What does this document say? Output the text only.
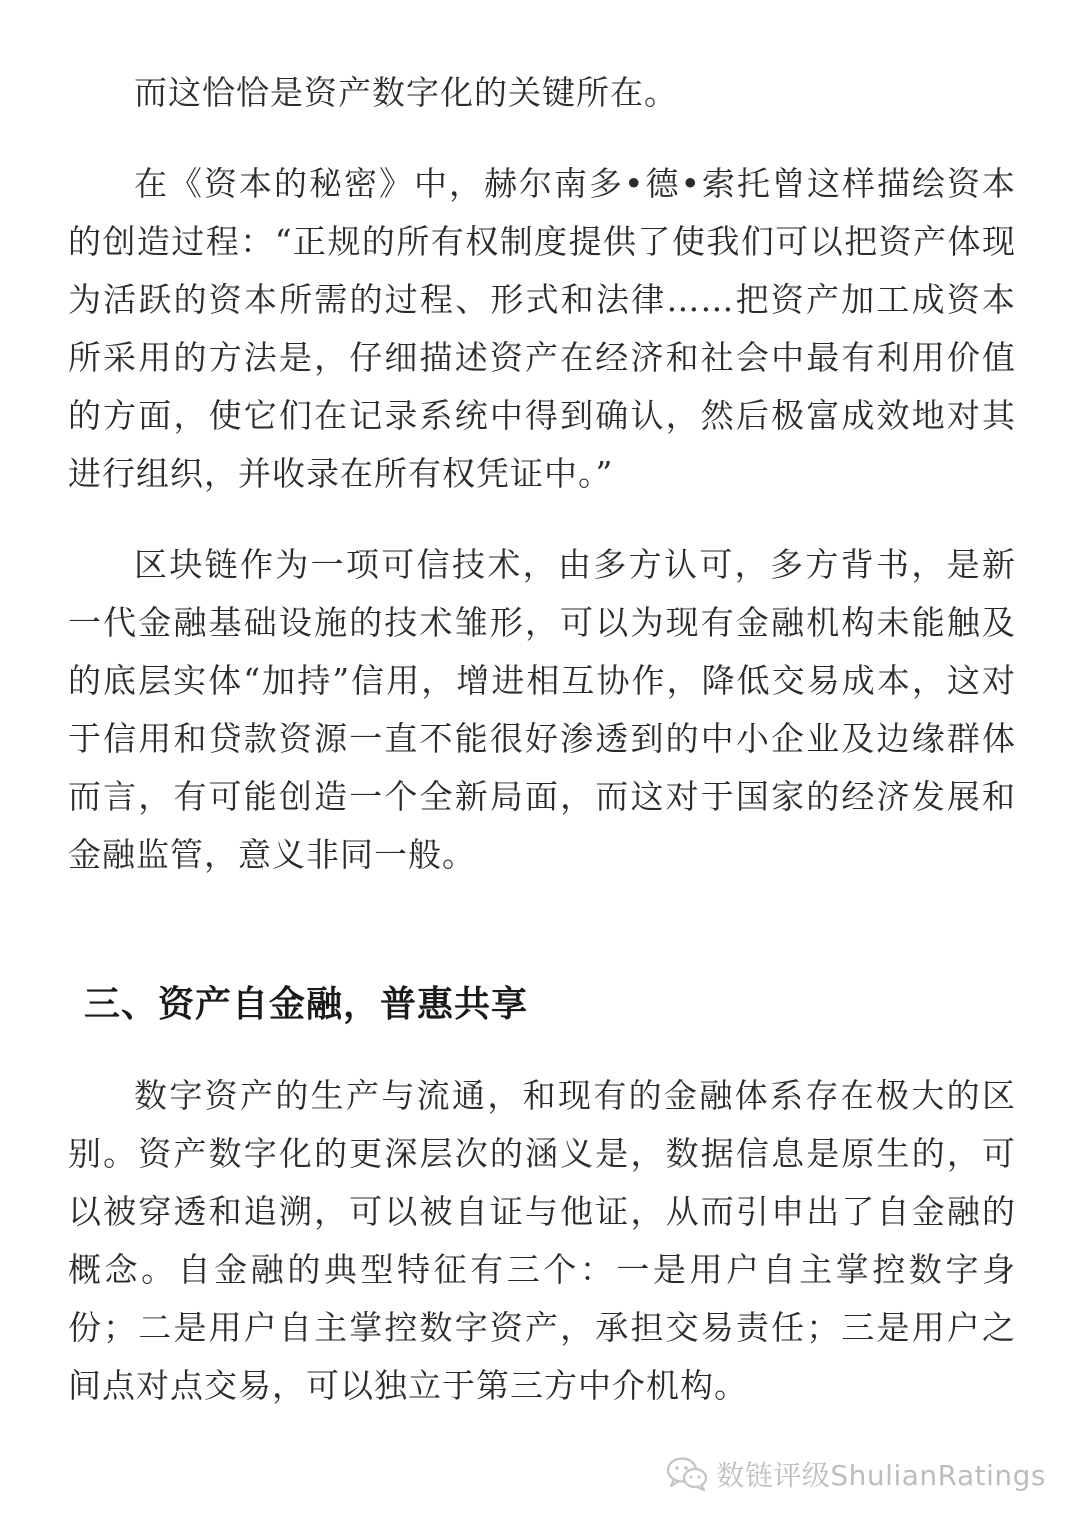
而这恰恰是资产数字化的关键所在。

在《资本的秘密》中，赫尔南多•德•索托曾这样描绘资本的创造过程：“正规的所有权制度提供了使我们可以把资产体现为活跃的资本所需的过程、形式和法律……把资产加工成资本所采用的方法是，仔细描述资产在经济和社会中最有利用价值的方面，使它们在记录系统中得到确认，然后极富成效地对其进行组织，并收录在所有权凭证中。”

区块链作为一项可信技术，由多方认可，多方背书，是新一代金融基础设施的技术雏形，可以为现有金融机构未能触及的底层实体“加持”信用，增进相互协作，降低交易成本，这对于信用和贷款资源一直不能很好渗透到的中小企业及边缘群体而言，有可能创造一个全新局面，而这对于国家的经济发展和金融监管，意义非同一般。

三、资产自金融，普惠共享

数字资产的生产与流通，和现有的金融体系存在极大的区别。资产数字化的更深层次的涵义是，数据信息是原生的，可以被穿透和追溯，可以被自证与他证，从而引申出了自金融的概念。自金融的典型特征有三个：一是用户自主掌控数字身份；二是用户自主掌控数字资产，承担交易责任；三是用户之间点对点交易，可以独立于第三方中介机构。

数链评级ShulianRatings
